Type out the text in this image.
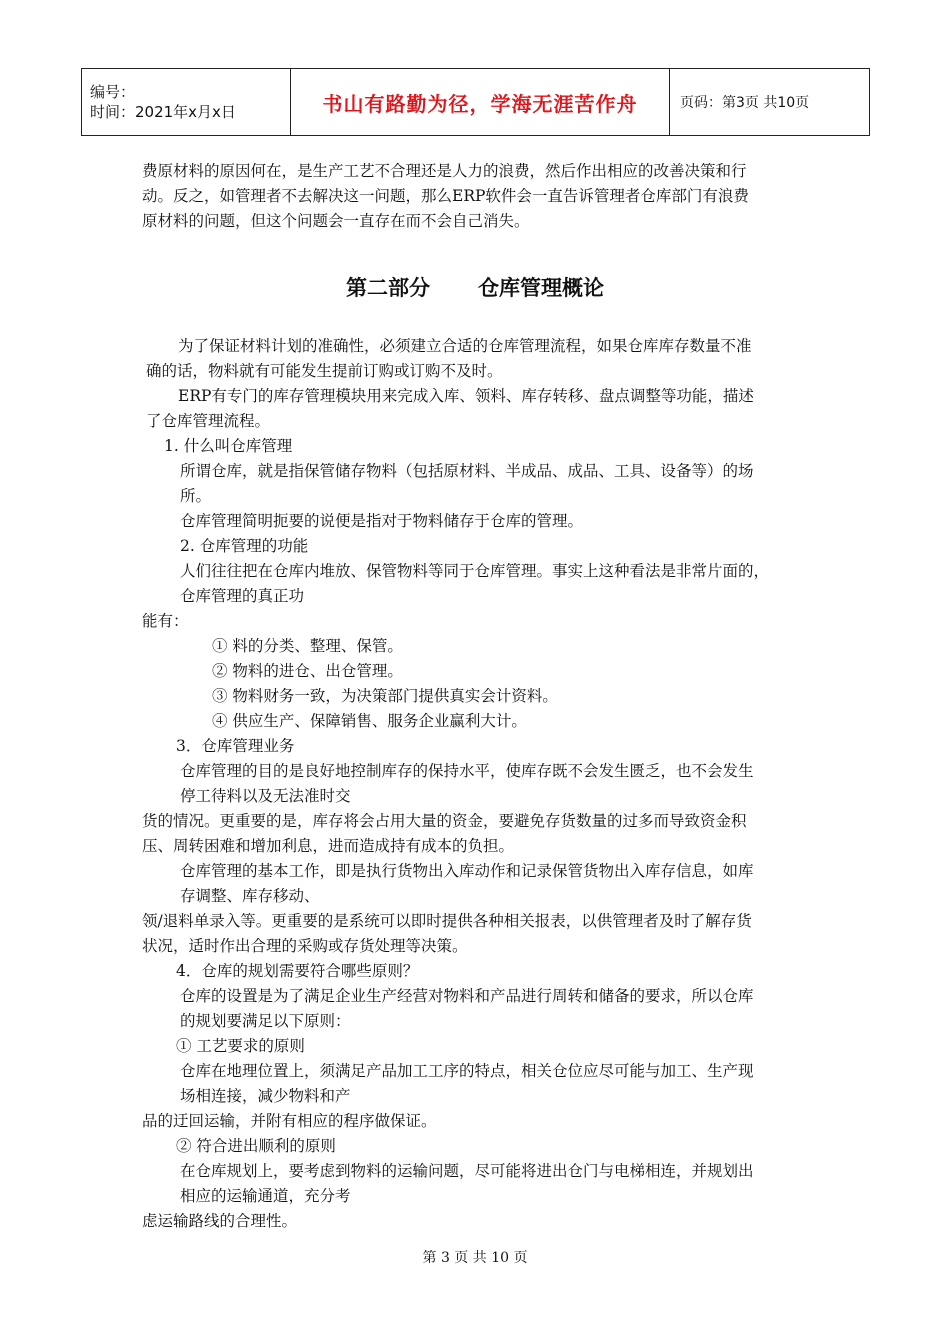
编号：
时间：2021年x月x日	书山有路勤为径，学海无涯苦作舟	页码：第3页 共10页
费原材料的原因何在，是生产工艺不合理还是人力的浪费，然后作出相应的改善决策和行
动。反之，如管理者不去解决这一问题，那么ERP软件会一直告诉管理者仓库部门有浪费
原材料的问题，但这个问题会一直存在而不会自己消失。
第二部分 仓库管理概论
为了保证材料计划的准确性，必须建立合适的仓库管理流程，如果仓库库存数量不准
确的话，物料就有可能发生提前订购或订购不及时。
ERP有专门的库存管理模块用来完成入库、领料、库存转移、盘点调整等功能，描述
了仓库管理流程。
1. 什么叫仓库管理
所谓仓库，就是指保管储存物料（包括原材料、半成品、成品、工具、设备等）的场
所。
仓库管理简明扼要的说便是指对于物料储存于仓库的管理。
2. 仓库管理的功能
人们往往把在仓库内堆放、保管物料等同于仓库管理。事实上这种看法是非常片面的，
仓库管理的真正功
能有：
① 料的分类、整理、保管。
② 物料的进仓、出仓管理。
③ 物料财务一致，为决策部门提供真实会计资料。
④ 供应生产、保障销售、服务企业赢利大计。
3．仓库管理业务
仓库管理的目的是良好地控制库存的保持水平，使库存既不会发生匮乏，也不会发生
停工待料以及无法准时交
货的情况。更重要的是，库存将会占用大量的资金，要避免存货数量的过多而导致资金积
压、周转困难和增加利息，进而造成持有成本的负担。
仓库管理的基本工作，即是执行货物出入库动作和记录保管货物出入库存信息，如库
存调整、库存移动、
领/退料单录入等。更重要的是系统可以即时提供各种相关报表，以供管理者及时了解存货
状况，适时作出合理的采购或存货处理等决策。
4．仓库的规划需要符合哪些原则？
仓库的设置是为了满足企业生产经营对物料和产品进行周转和储备的要求，所以仓库
的规划要满足以下原则：
① 工艺要求的原则
仓库在地理位置上，须满足产品加工工序的特点，相关仓位应尽可能与加工、生产现
场相连接，减少物料和产
品的迂回运输，并附有相应的程序做保证。
② 符合进出顺利的原则
在仓库规划上，要考虑到物料的运输问题，尽可能将进出仓门与电梯相连，并规划出
相应的运输通道，充分考
虑运输路线的合理性。
第 3 页 共 10 页
